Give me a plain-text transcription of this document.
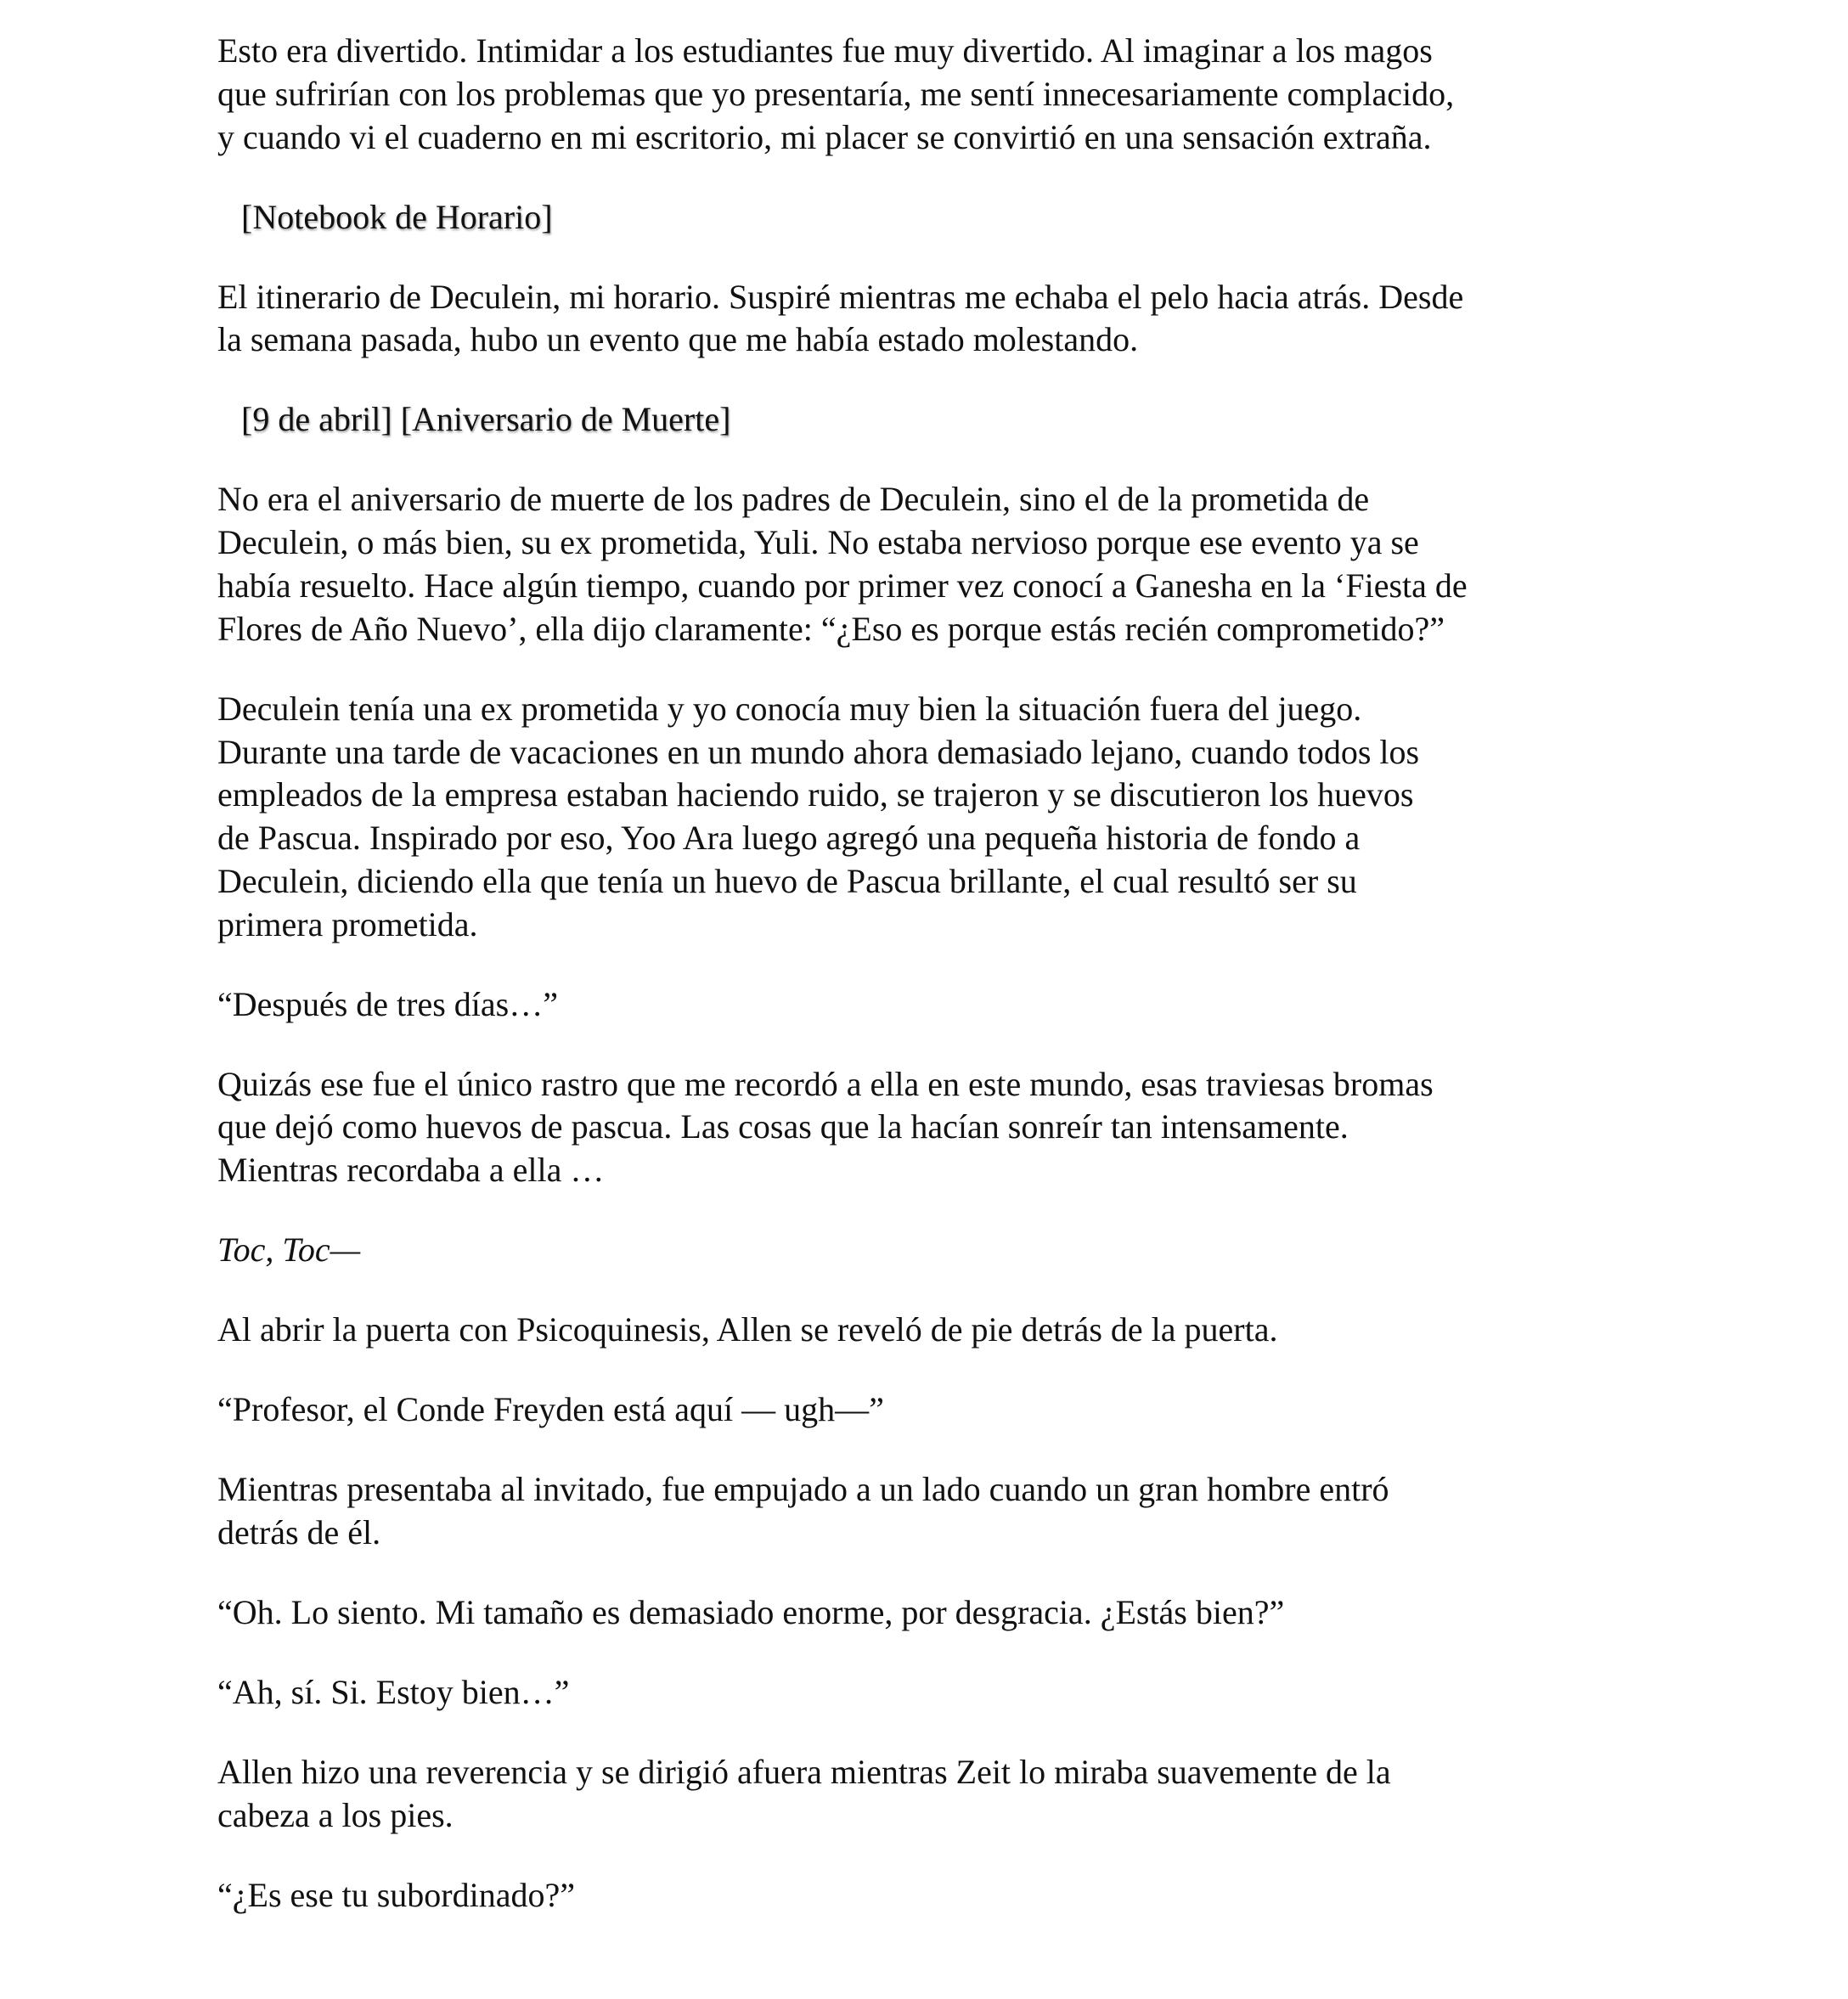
Esto era divertido. Intimidar a los estudiantes fue muy divertido. Al imaginar a los magos
que sufrirían con los problemas que yo presentaría, me sentí innecesariamente complacido,
y cuando vi el cuaderno en mi escritorio, mi placer se convirtió en una sensación extraña.

[Notebook de Horario]

El itinerario de Deculein, mi horario. Suspiré mientras me echaba el pelo hacia atrás. Desde
la semana pasada, hubo un evento que me había estado molestando.

[9 de abril] [Aniversario de Muerte]

No era el aniversario de muerte de los padres de Deculein, sino el de la prometida de
Deculein, o más bien, su ex prometida, Yuli. No estaba nervioso porque ese evento ya se
había resuelto. Hace algún tiempo, cuando por primer vez conocí a Ganesha en la ‘Fiesta de
Flores de Año Nuevo’, ella dijo claramente: “¿Eso es porque estás recién comprometido?”

Deculein tenía una ex prometida y yo conocía muy bien la situación fuera del juego.
Durante una tarde de vacaciones en un mundo ahora demasiado lejano, cuando todos los
empleados de la empresa estaban haciendo ruido, se trajeron y se discutieron los huevos
de Pascua. Inspirado por eso, Yoo Ara luego agregó una pequeña historia de fondo a
Deculein, diciendo ella que tenía un huevo de Pascua brillante, el cual resultó ser su
primera prometida.

“Después de tres días…”

Quizás ese fue el único rastro que me recordó a ella en este mundo, esas traviesas bromas
que dejó como huevos de pascua. Las cosas que la hacían sonreír tan intensamente.
Mientras recordaba a ella …

Toc, Toc—

Al abrir la puerta con Psicoquinesis, Allen se reveló de pie detrás de la puerta.

“Profesor, el Conde Freyden está aquí — ugh—”

Mientras presentaba al invitado, fue empujado a un lado cuando un gran hombre entró
detrás de él.

“Oh. Lo siento. Mi tamaño es demasiado enorme, por desgracia. ¿Estás bien?”

“Ah, sí. Si. Estoy bien…”

Allen hizo una reverencia y se dirigió afuera mientras Zeit lo miraba suavemente de la
cabeza a los pies.

“¿Es ese tu subordinado?”
